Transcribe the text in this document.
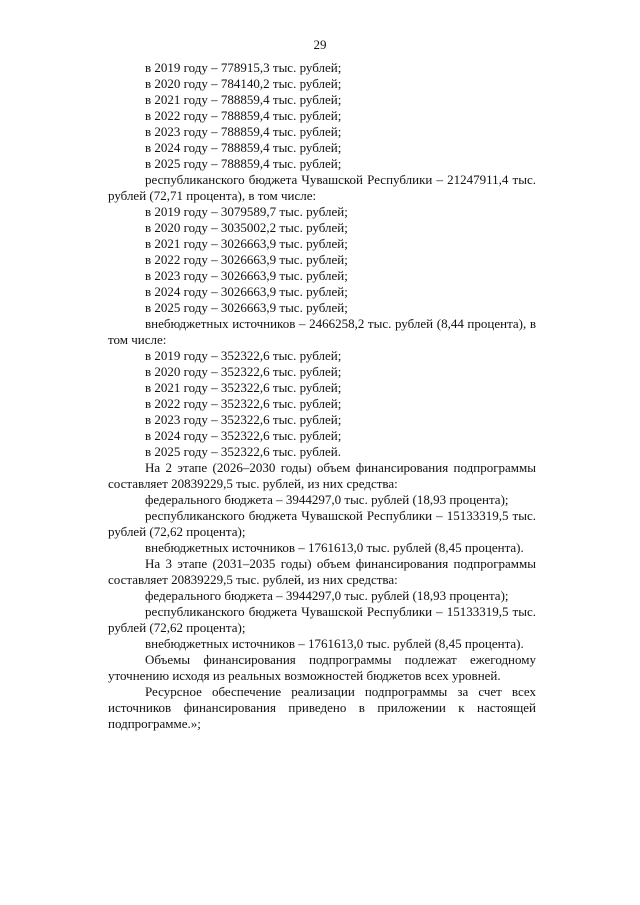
29

в 2019 году – 778915,3 тыс. рублей;

в 2020 году – 784140,2 тыс. рублей;

в 2021 году – 788859,4 тыс. рублей;

в 2022 году – 788859,4 тыс. рублей;

в 2023 году – 788859,4 тыс. рублей;

в 2024 году – 788859,4 тыс. рублей;

в 2025 году – 788859,4 тыс. рублей;

республиканского бюджета Чувашской Республики – 21247911,4 тыс. рублей (72,71 процента), в том числе:

в 2019 году – 3079589,7 тыс. рублей;

в 2020 году – 3035002,2 тыс. рублей;

в 2021 году – 3026663,9 тыс. рублей;

в 2022 году – 3026663,9 тыс. рублей;

в 2023 году – 3026663,9 тыс. рублей;

в 2024 году – 3026663,9 тыс. рублей;

в 2025 году – 3026663,9 тыс. рублей;

внебюджетных источников – 2466258,2 тыс. рублей (8,44 процента), в том числе:

в 2019 году – 352322,6 тыс. рублей;

в 2020 году – 352322,6 тыс. рублей;

в 2021 году – 352322,6 тыс. рублей;

в 2022 году – 352322,6 тыс. рублей;

в 2023 году – 352322,6 тыс. рублей;

в 2024 году – 352322,6 тыс. рублей;

в 2025 году – 352322,6 тыс. рублей.

На 2 этапе (2026–2030 годы) объем финансирования подпрограммы составляет 20839229,5 тыс. рублей, из них средства:

федерального бюджета – 3944297,0 тыс. рублей (18,93 процента);

республиканского бюджета Чувашской Республики – 15133319,5 тыс. рублей (72,62 процента);

внебюджетных источников – 1761613,0 тыс. рублей (8,45 процента).

На 3 этапе (2031–2035 годы) объем финансирования подпрограммы составляет 20839229,5 тыс. рублей, из них средства:

федерального бюджета – 3944297,0 тыс. рублей (18,93 процента);

республиканского бюджета Чувашской Республики – 15133319,5 тыс. рублей (72,62 процента);

внебюджетных источников – 1761613,0 тыс. рублей (8,45 процента).

Объемы финансирования подпрограммы подлежат ежегодному уточнению исходя из реальных возможностей бюджетов всех уровней.

Ресурсное обеспечение реализации подпрограммы за счет всех источников финансирования приведено в приложении к настоящей подпрограмме.»;
